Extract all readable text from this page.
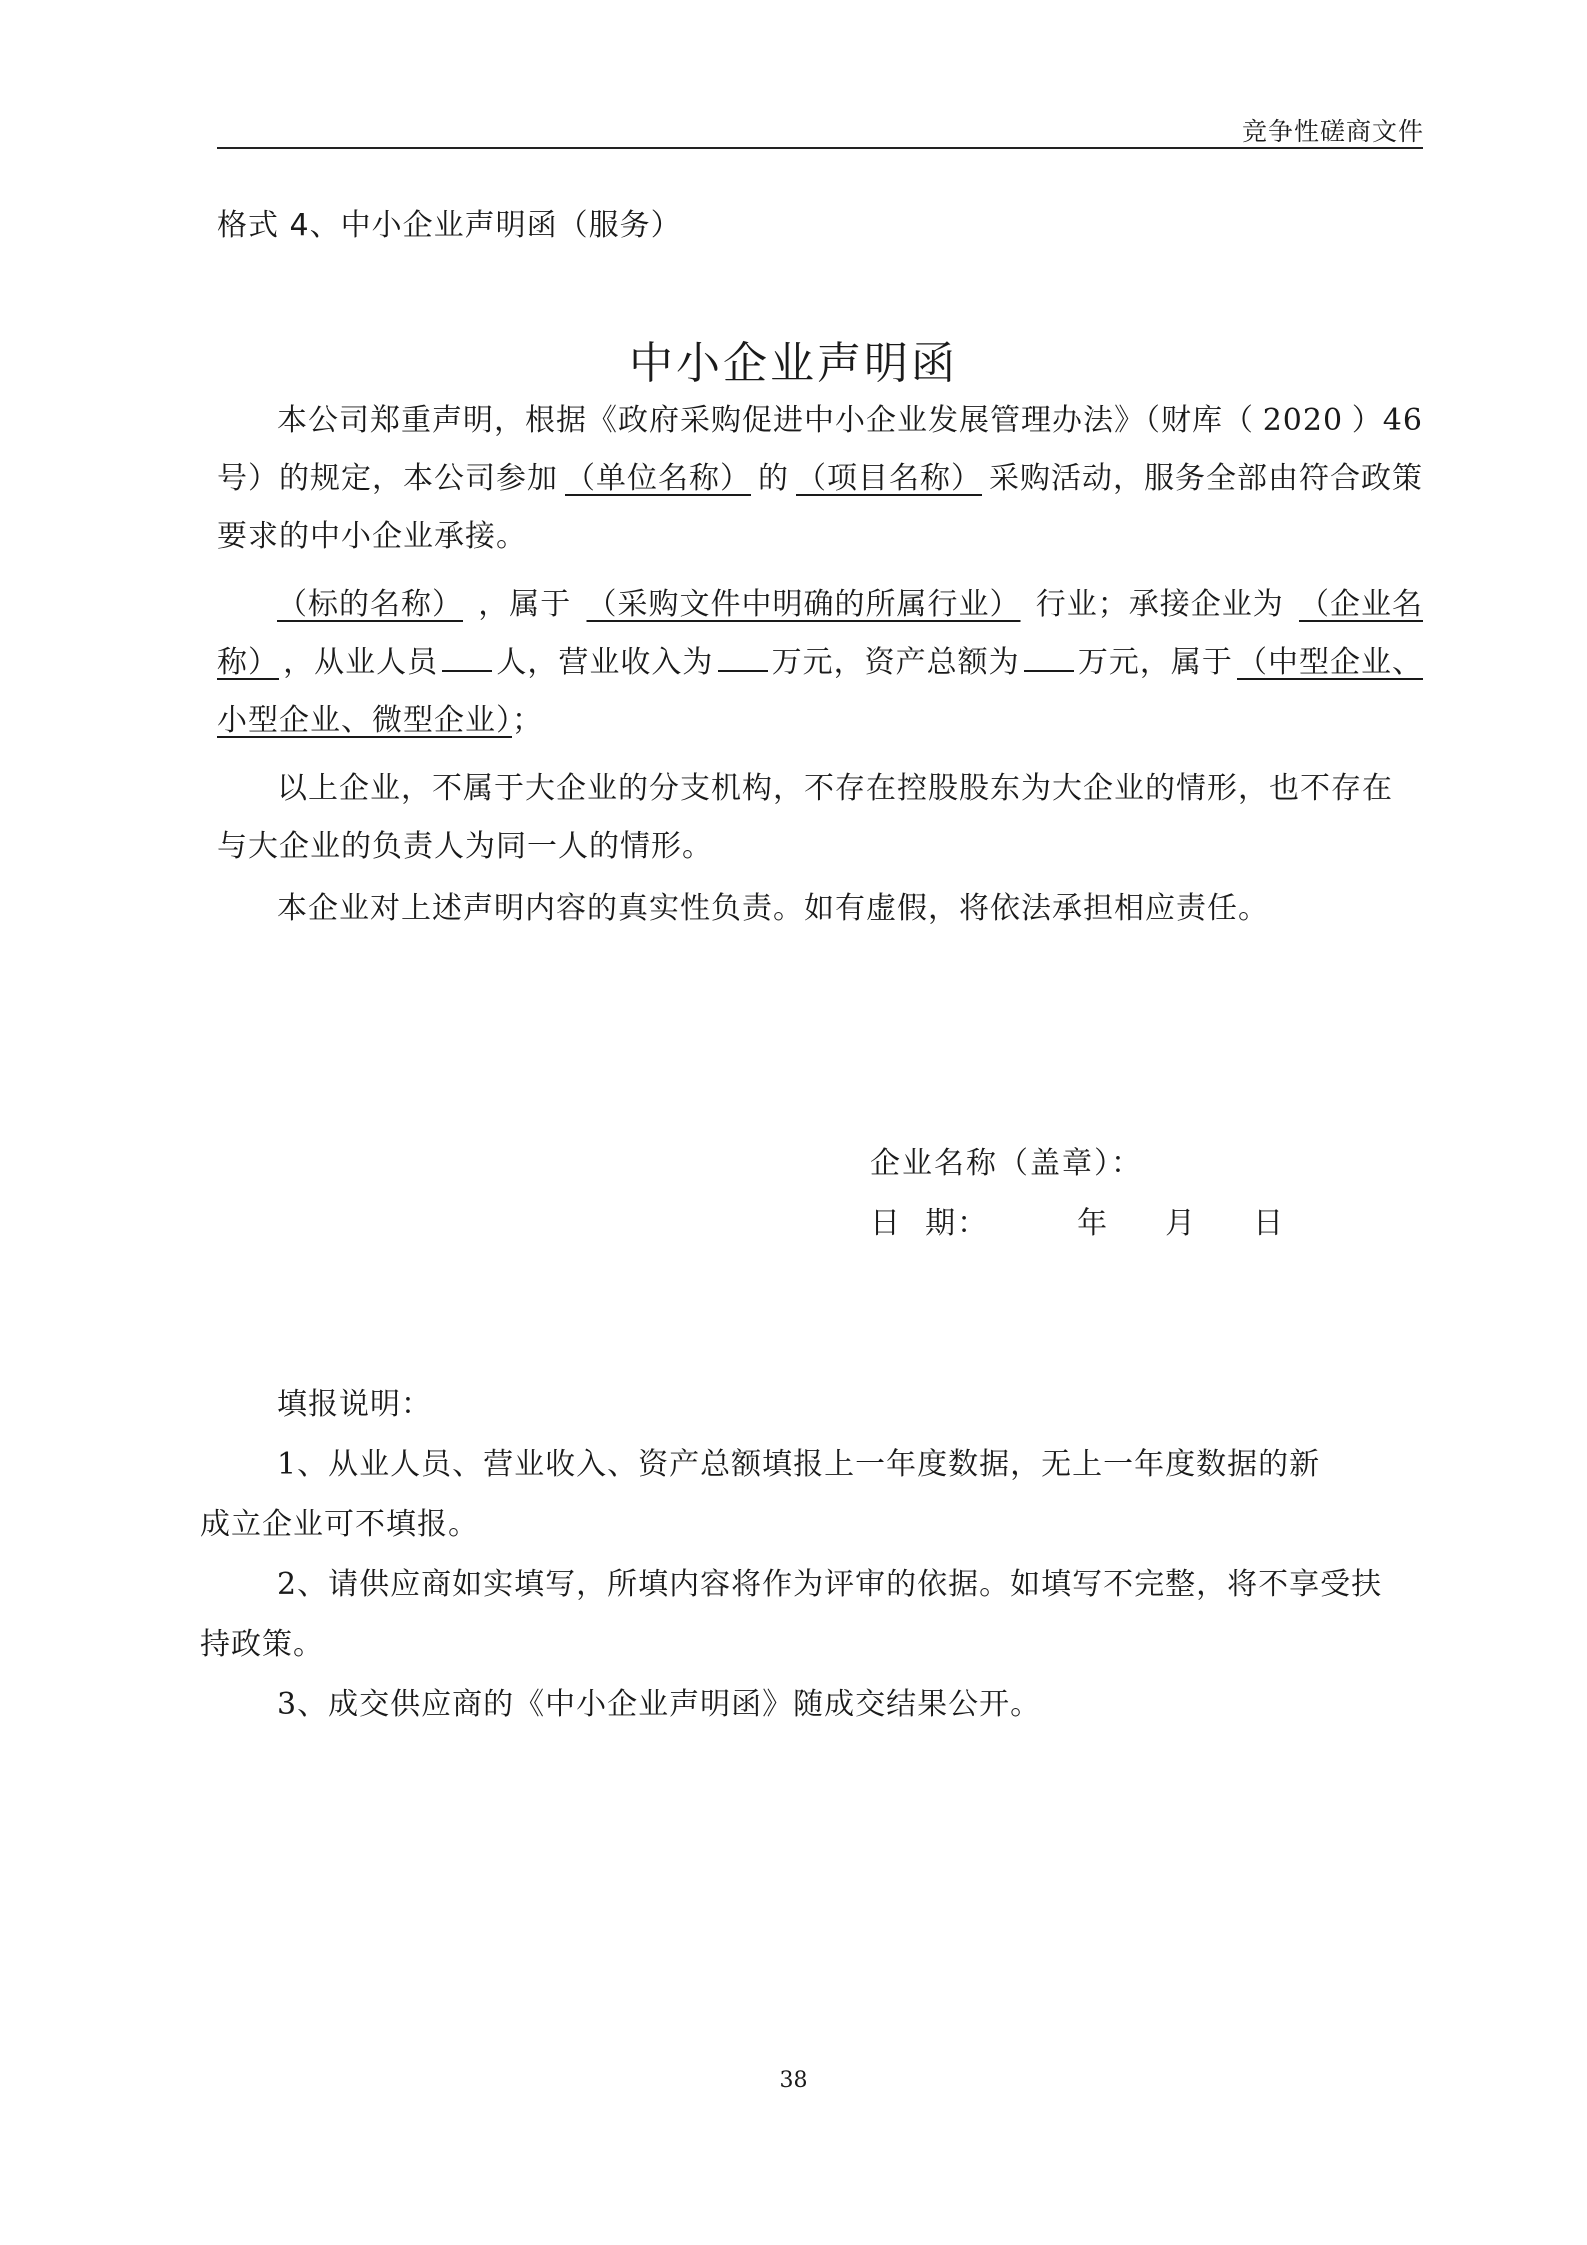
竞争性磋商文件
格式 4、中小企业声明函（服务）
中小企业声明函
本公司郑重声明，根据《政府采购促进中小企业发展管理办法》（财库（ 2020 ）46
号）的规定，本公司参加 （单位名称） 的 （项目名称） 采购活动，服务全部由符合政策
要求的中小企业承接。
（标的名称） ，属于 （采购文件中明确的所属行业） 行业；承接企业为 （企业名
称） ，从业人员 人，营业收入为 万元，资产总额为 万元，属于 （中型企业、
小型企业、微型企业）；
以上企业，不属于大企业的分支机构，不存在控股股东为大企业的情形，也不存在
与大企业的负责人为同一人的情形。
本企业对上述声明内容的真实性负责。如有虚假，将依法承担相应责任。
企业名称（盖章）：
日  期：	年 月 日
填报说明：
1、从业人员、营业收入、资产总额填报上一年度数据，无上一年度数据的新
成立企业可不填报。
2、请供应商如实填写，所填内容将作为评审的依据。如填写不完整，将不享受扶
持政策。
3、成交供应商的《中小企业声明函》随成交结果公开。
38
